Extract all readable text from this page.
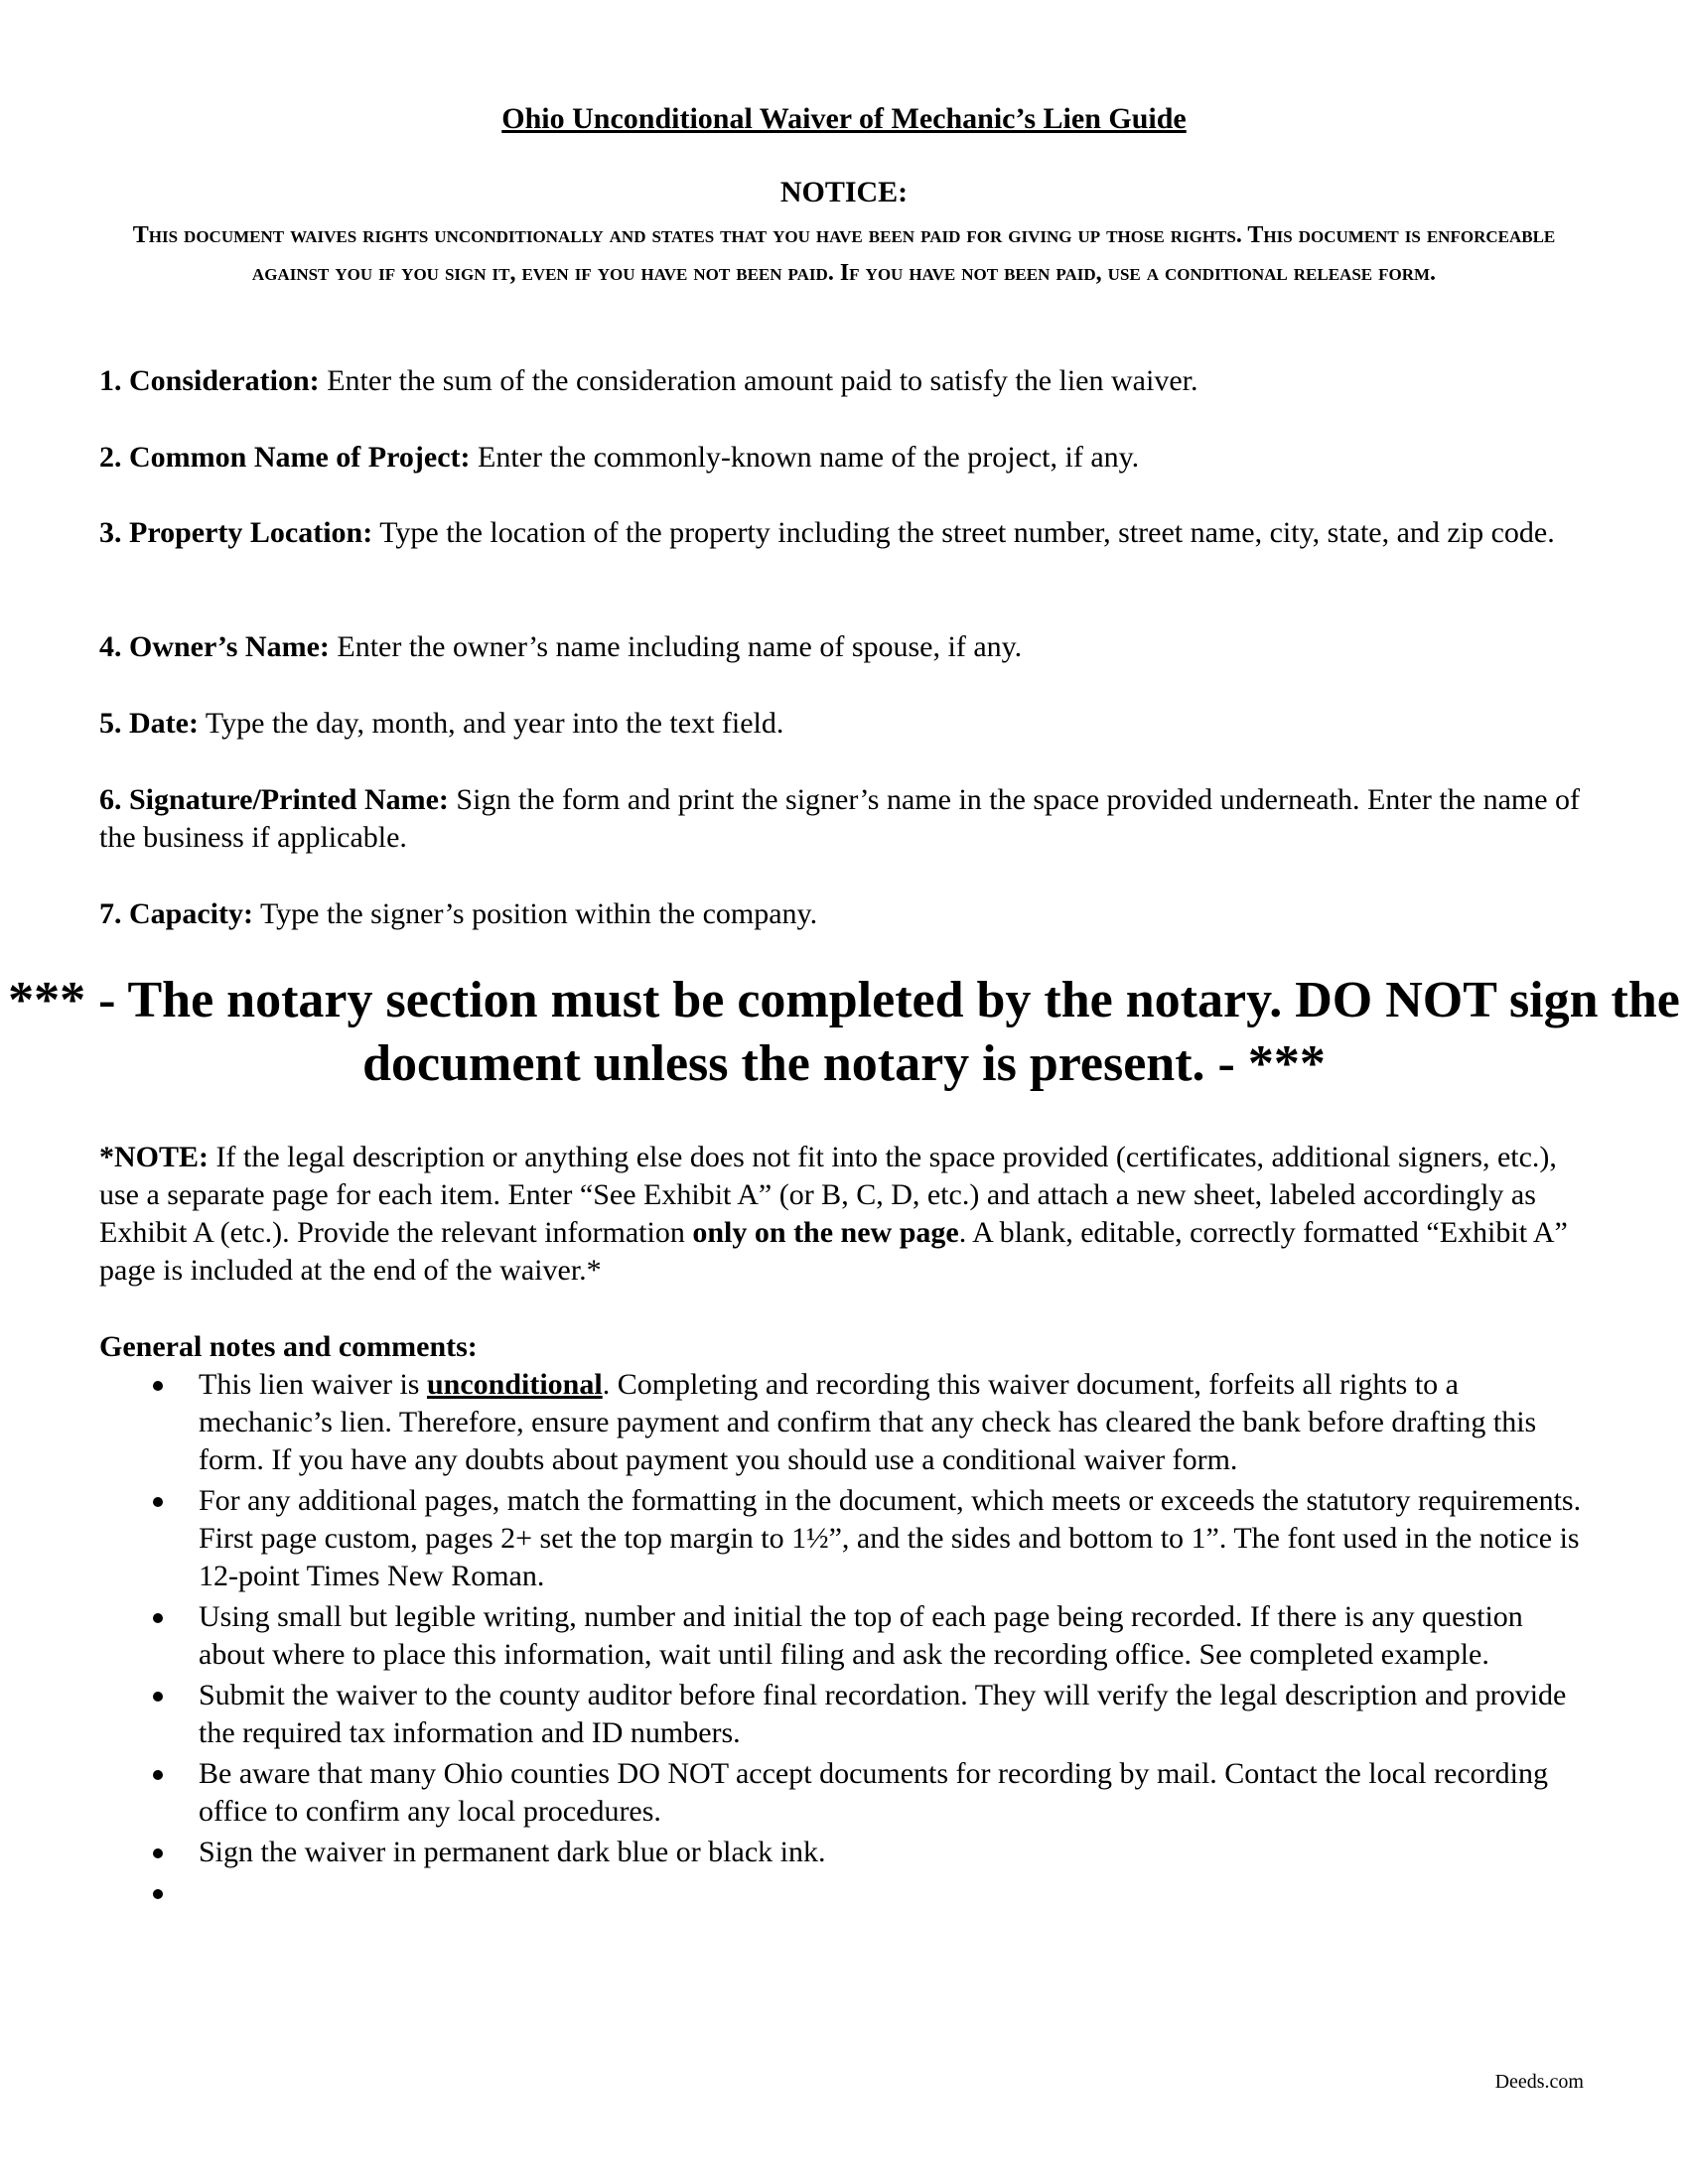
Ohio Unconditional Waiver of Mechanic’s Lien Guide
NOTICE:
This document waives rights unconditionally and states that you have been paid for giving up those rights. This document is enforceable against you if you sign it, even if you have not been paid. If you have not been paid, use a conditional release form.
1. Consideration: Enter the sum of the consideration amount paid to satisfy the lien waiver.
2. Common Name of Project: Enter the commonly-known name of the project, if any.
3. Property Location: Type the location of the property including the street number, street name, city, state, and zip code.
4. Owner’s Name: Enter the owner’s name including name of spouse, if any.
5. Date: Type the day, month, and year into the text field.
6. Signature/Printed Name: Sign the form and print the signer’s name in the space provided underneath. Enter the name of the business if applicable.
7. Capacity: Type the signer’s position within the company.
*** - The notary section must be completed by the notary. DO NOT sign the document unless the notary is present. - ***
*NOTE: If the legal description or anything else does not fit into the space provided (certificates, additional signers, etc.), use a separate page for each item. Enter “See Exhibit A” (or B, C, D, etc.) and attach a new sheet, labeled accordingly as Exhibit A (etc.). Provide the relevant information only on the new page. A blank, editable, correctly formatted “Exhibit A” page is included at the end of the waiver.*
General notes and comments:
This lien waiver is unconditional. Completing and recording this waiver document, forfeits all rights to a mechanic’s lien. Therefore, ensure payment and confirm that any check has cleared the bank before drafting this form. If you have any doubts about payment you should use a conditional waiver form.
For any additional pages, match the formatting in the document, which meets or exceeds the statutory requirements. First page custom, pages 2+ set the top margin to 1½”, and the sides and bottom to 1”. The font used in the notice is 12-point Times New Roman.
Using small but legible writing, number and initial the top of each page being recorded. If there is any question about where to place this information, wait until filing and ask the recording office. See completed example.
Submit the waiver to the county auditor before final recordation. They will verify the legal description and provide the required tax information and ID numbers.
Be aware that many Ohio counties DO NOT accept documents for recording by mail. Contact the local recording office to confirm any local procedures.
Sign the waiver in permanent dark blue or black ink.
Deeds.com
